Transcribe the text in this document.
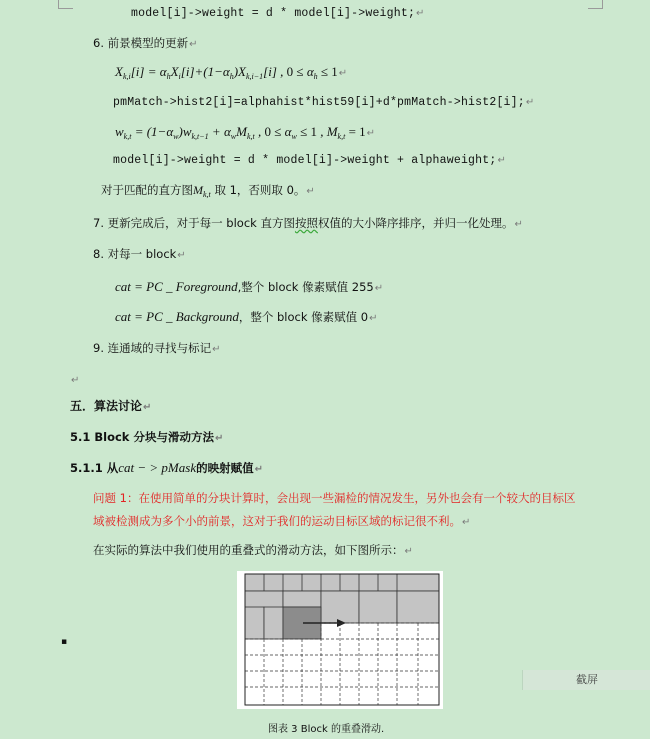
model[i]->weight = d * model[i]->weight;↵
6. 前景模型的更新↵
$X_{k,i}[i] = \alpha_hX_i[i]+(1-\alpha_h)X_{k,i-1}[i]$ , $0 \le \alpha_h$ ≤ 1↵
pmMatch->hist2[i]=alphahist*hist59[i]+d*pmMatch->hist2[i];↵
$w_{k,t} = (1-\alpha_w)w_{k,t-1} + \alpha_wM_{k,t}$ , $0 \le \alpha_w \le 1$ , $M_{k,t}$ = 1↵
model[i]->weight = d * model[i]->weight + alphaweight;↵
对于匹配的直方图$M_{k,t}$ 取 1，否则取 0。↵
7. 更新完成后，对于每一 block 直方图按照权值的大小降序排序，并归一化处理。↵
8. 对每一 block↵
cat = PC _ Foreground,整个 block 像素赋值 255↵
cat = PC _ Background，整个 block 像素赋值 0↵
9. 连通域的寻找与标记↵
↵
五．算法讨论↵
5.1 Block 分块与滑动方法↵
5.1.1 从cat − > pMask的映射赋值↵
问题 1：在使用简单的分块计算时，会出现一些漏检的情况发生，另外也会有一个较大的目标区
域被检测成为多个小的前景，这对于我们的运动目标区域的标记很不利。↵
在实际的算法中我们使用的重叠式的滑动方法，如下图所示：↵
▪
截屏
图表 3 Block 的重叠滑动.
